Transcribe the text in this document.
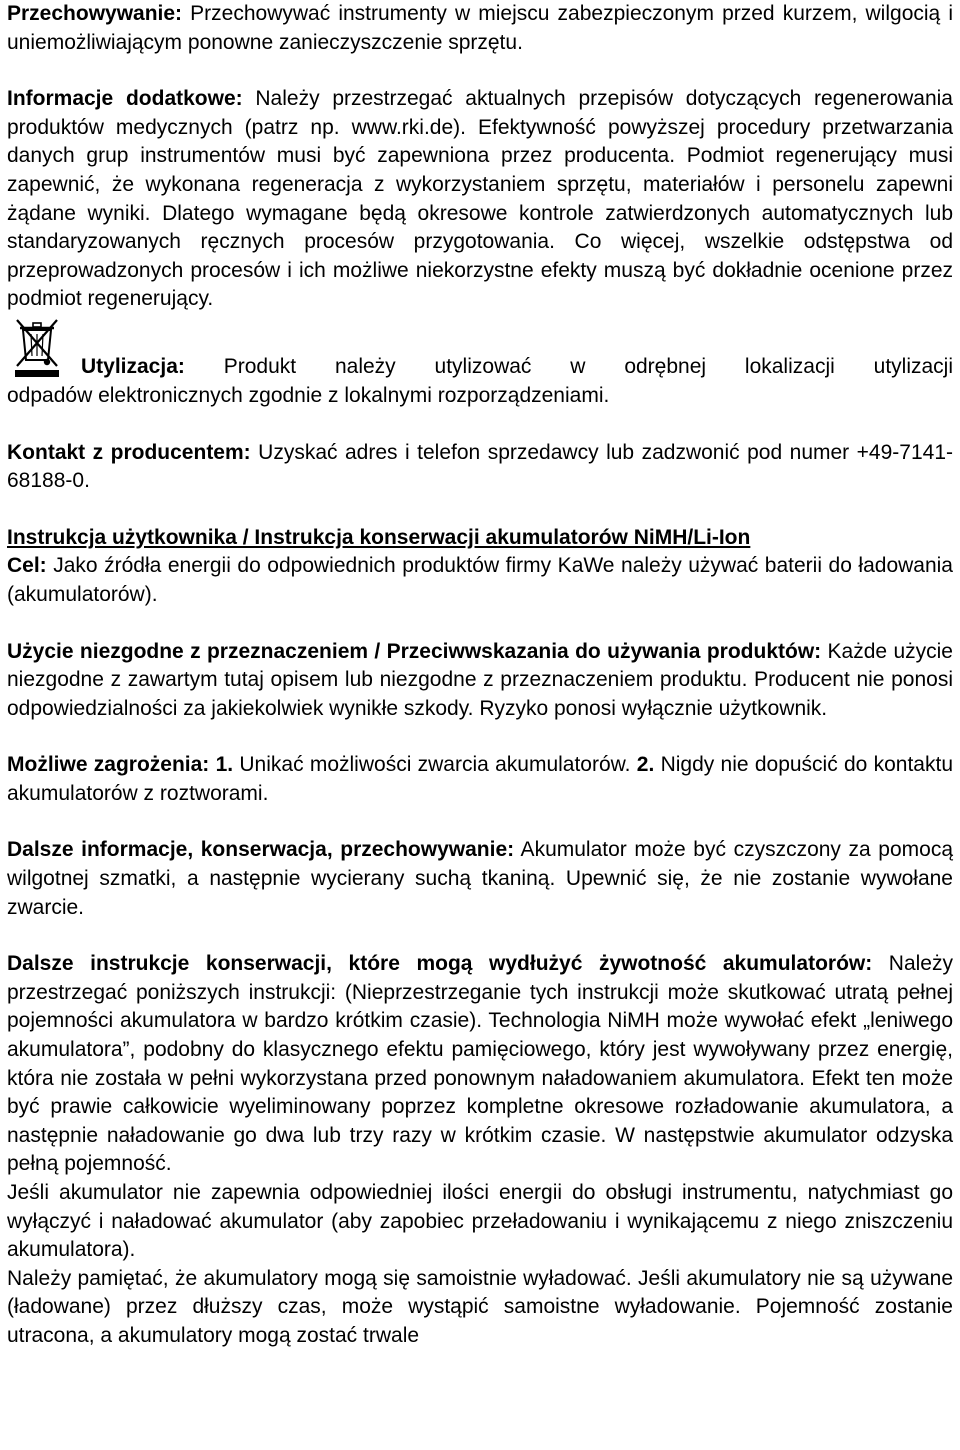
Przechowywanie: Przechowywać instrumenty w miejscu zabezpieczonym przed kurzem, wilgocią i uniemożliwiającym ponowne zanieczyszczenie sprzętu.

Informacje dodatkowe: Należy przestrzegać aktualnych przepisów dotyczących regenerowania produktów medycznych (patrz np. www.rki.de). Efektywność powyższej procedury przetwarzania danych grup instrumentów musi być zapewniona przez producenta. Podmiot regenerujący musi zapewnić, że wykonana regeneracja z wykorzystaniem sprzętu, materiałów i personelu zapewni żądane wyniki. Dlatego wymagane będą okresowe kontrole zatwierdzonych automatycznych lub standaryzowanych ręcznych procesów przygotowania. Co więcej, wszelkie odstępstwa od przeprowadzonych procesów i ich możliwe niekorzystne efekty muszą być dokładnie ocenione przez podmiot regenerujący.

Utylizacja: Produkt należy utylizować w odrębnej lokalizacji utylizacji

odpadów elektronicznych zgodnie z lokalnymi rozporządzeniami.

Kontakt z producentem: Uzyskać adres i telefon sprzedawcy lub zadzwonić pod numer +49-7141-68188-0.

Instrukcja użytkownika / Instrukcja konserwacji akumulatorów NiMH/Li-Ion

Cel: Jako źródła energii do odpowiednich produktów firmy KaWe należy używać baterii do ładowania (akumulatorów).

Użycie niezgodne z przeznaczeniem / Przeciwwskazania do używania produktów: Każde użycie niezgodne z zawartym tutaj opisem lub niezgodne z przeznaczeniem produktu. Producent nie ponosi odpowiedzialności za jakiekolwiek wynikłe szkody. Ryzyko ponosi wyłącznie użytkownik.

Możliwe zagrożenia: 1. Unikać możliwości zwarcia akumulatorów. 2. Nigdy nie dopuścić do kontaktu akumulatorów z roztworami.

Dalsze informacje, konserwacja, przechowywanie: Akumulator może być czyszczony za pomocą wilgotnej szmatki, a następnie wycierany suchą tkaniną. Upewnić się, że nie zostanie wywołane zwarcie.

Dalsze instrukcje konserwacji, które mogą wydłużyć żywotność akumulatorów: Należy przestrzegać poniższych instrukcji: (Nieprzestrzeganie tych instrukcji może skutkować utratą pełnej pojemności akumulatora w bardzo krótkim czasie). Technologia NiMH może wywołać efekt „leniwego akumulatora”, podobny do klasycznego efektu pamięciowego, który jest wywoływany przez energię, która nie została w pełni wykorzystana przed ponownym naładowaniem akumulatora. Efekt ten może być prawie całkowicie wyeliminowany poprzez kompletne okresowe rozładowanie akumulatora, a następnie naładowanie go dwa lub trzy razy w krótkim czasie. W następstwie akumulator odzyska pełną pojemność.

Jeśli akumulator nie zapewnia odpowiedniej ilości energii do obsługi instrumentu, natychmiast go wyłączyć i naładować akumulator (aby zapobiec przeładowaniu i wynikającemu z niego zniszczeniu akumulatora).

Należy pamiętać, że akumulatory mogą się samoistnie wyładować. Jeśli akumulatory nie są używane (ładowane) przez dłuższy czas, może wystąpić samoistne wyładowanie. Pojemność zostanie utracona, a akumulatory mogą zostać trwale
